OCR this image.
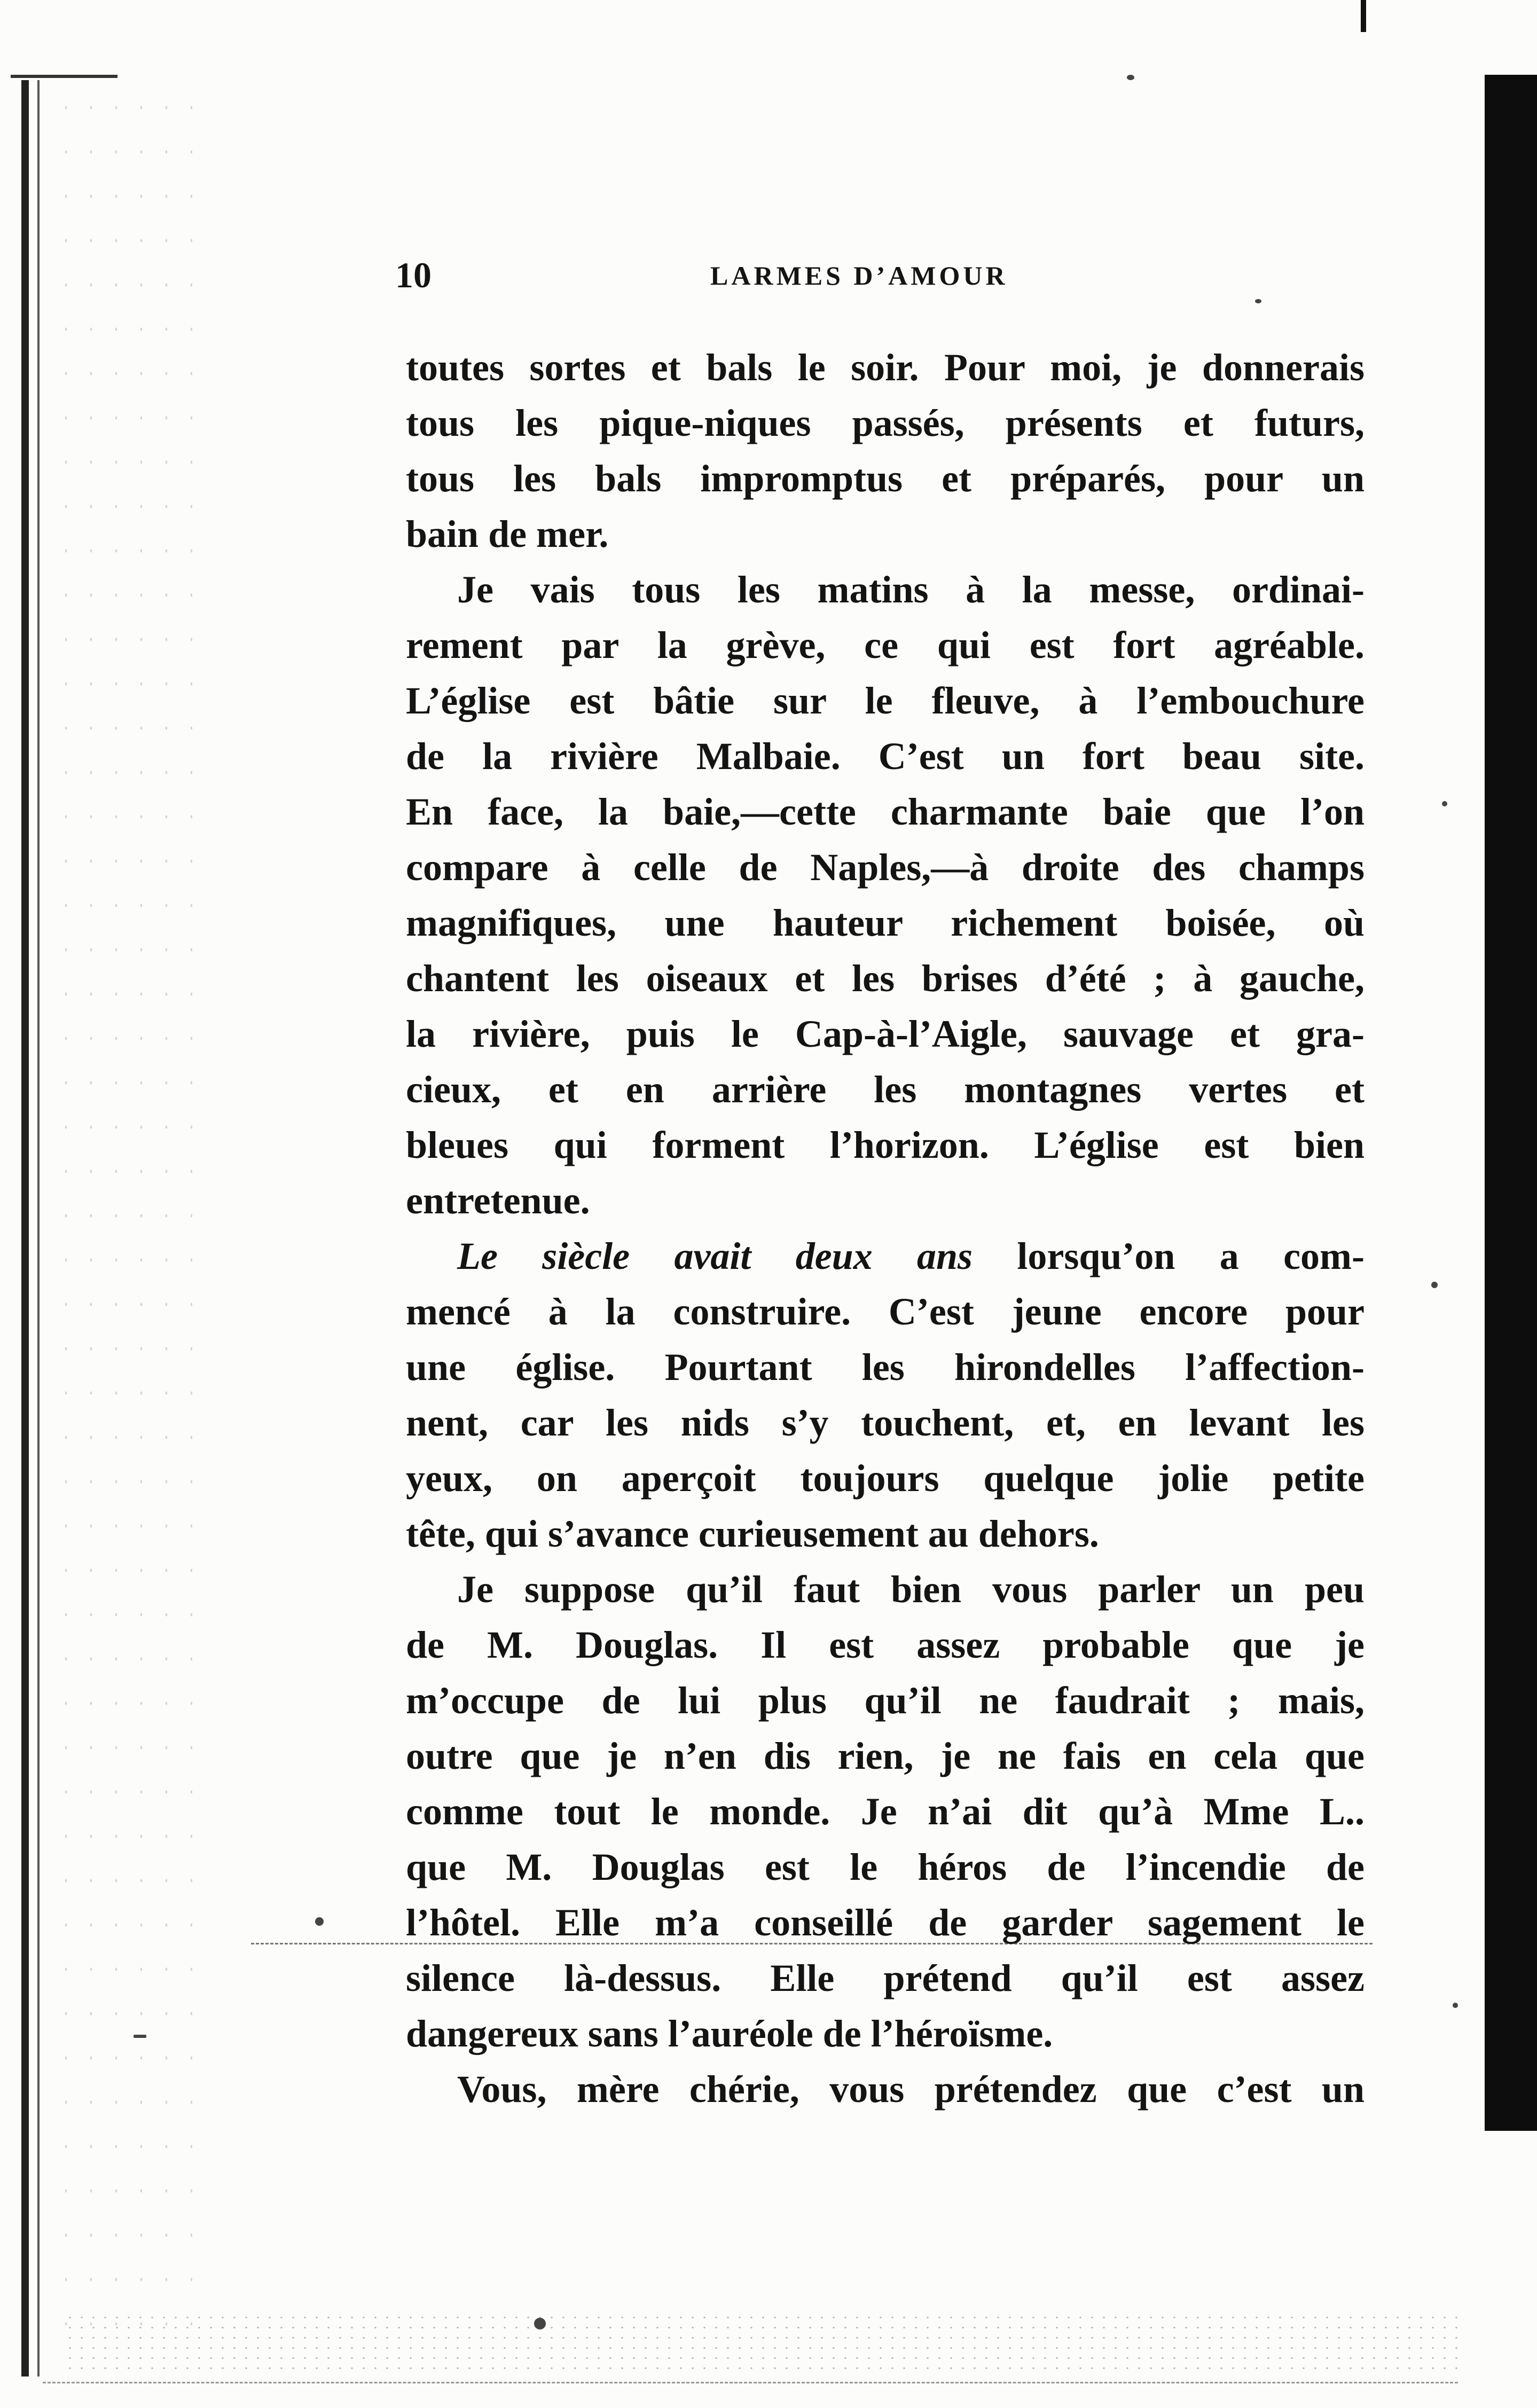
10	LARMES D’AMOUR
toutes sortes et bals le soir. Pour moi, je donnerais
tous les pique-niques passés, présents et futurs,
tous les bals impromptus et préparés, pour un
bain de mer.
Je vais tous les matins à la messe, ordinai-
rement par la grève, ce qui est fort agréable.
L’église est bâtie sur le fleuve, à l’embouchure
de la rivière Malbaie. C’est un fort beau site.
En face, la baie,—cette charmante baie que l’on
compare à celle de Naples,—à droite des champs
magnifiques, une hauteur richement boisée, où
chantent les oiseaux et les brises d’été ; à gauche,
la rivière, puis le Cap-à-l’Aigle, sauvage et gra-
cieux, et en arrière les montagnes vertes et
bleues qui forment l’horizon. L’église est bien
entretenue.
Le siècle avait deux ans lorsqu’on a com-
mencé à la construire. C’est jeune encore pour
une église. Pourtant les hirondelles l’affection-
nent, car les nids s’y touchent, et, en levant les
yeux, on aperçoit toujours quelque jolie petite
tête, qui s’avance curieusement au dehors.
Je suppose qu’il faut bien vous parler un peu
de M. Douglas. Il est assez probable que je
m’occupe de lui plus qu’il ne faudrait ; mais,
outre que je n’en dis rien, je ne fais en cela que
comme tout le monde. Je n’ai dit qu’à Mme L..
que M. Douglas est le héros de l’incendie de
l’hôtel. Elle m’a conseillé de garder sagement le
silence là-dessus. Elle prétend qu’il est assez
dangereux sans l’auréole de l’héroïsme.
Vous, mère chérie, vous prétendez que c’est un
